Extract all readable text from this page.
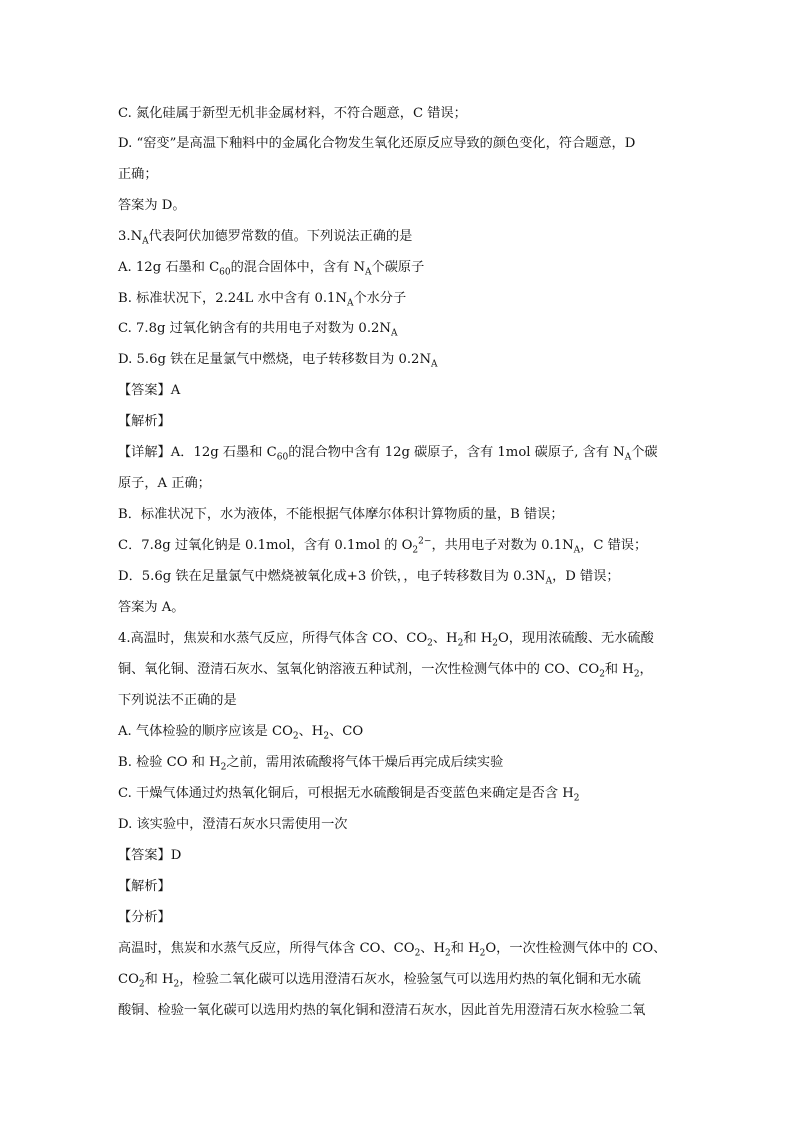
C. 氮化硅属于新型无机非金属材料，不符合题意，C 错误；
D. “窑变”是高温下釉料中的金属化合物发生氧化还原反应导致的颜色变化，符合题意，D
正确；
答案为 D。
$3.N_A$代表阿伏加德罗常数的值。下列说法正确的是
A. 12g 石墨和 $C_{60}$的混合固体中，含有 $N_A$个碳原子
B. 标准状况下，2.24L 水中含有 $0.1N_A$个水分子
C. 7.8g 过氧化钠含有的共用电子对数为 $0.2N_A$
D. 5.6g 铁在足量氯气中燃烧，电子转移数目为 $0.2N_A$
【答案】A
【解析】
【详解】A．12g 石墨和 $C_{60}$的混合物中含有 12g 碳原子，含有 1mol 碳原子, 含有 $N_A$个碳
原子，A 正确；
B．标准状况下，水为液体，不能根据气体摩尔体积计算物质的量，B 错误；
C．7.8g 过氧化钠是 0.1mol，含有 0.1mol 的 $O_2^{2-}$，共用电子对数为 $0.1N_A$，C 错误；
D．5.6g 铁在足量氯气中燃烧被氧化成+3 价铁，，电子转移数目为 $0.3N_A$，D 错误；
答案为 A。
4.高温时，焦炭和水蒸气反应，所得气体含 CO、$CO_2$、$H_2$和 $H_2O$，现用浓硫酸、无水硫酸
铜、氧化铜、澄清石灰水、氢氧化钠溶液五种试剂，一次性检测气体中的 CO、$CO_2$和 $H_2$，
下列说法不正确的是
A. 气体检验的顺序应该是 $CO_2$、$H_2$、CO
B. 检验 CO 和 $H_2$之前，需用浓硫酸将气体干燥后再完成后续实验
C. 干燥气体通过灼热氧化铜后，可根据无水硫酸铜是否变蓝色来确定是否含 $H_2$
D. 该实验中，澄清石灰水只需使用一次
【答案】D
【解析】
【分析】
高温时，焦炭和水蒸气反应，所得气体含 CO、$CO_2$、$H_2$和 $H_2O$，一次性检测气体中的 CO、
$CO_2$和 $H_2$，检验二氧化碳可以选用澄清石灰水，检验氢气可以选用灼热的氧化铜和无水硫
酸铜、检验一氧化碳可以选用灼热的氧化铜和澄清石灰水，因此首先用澄清石灰水检验二氧
